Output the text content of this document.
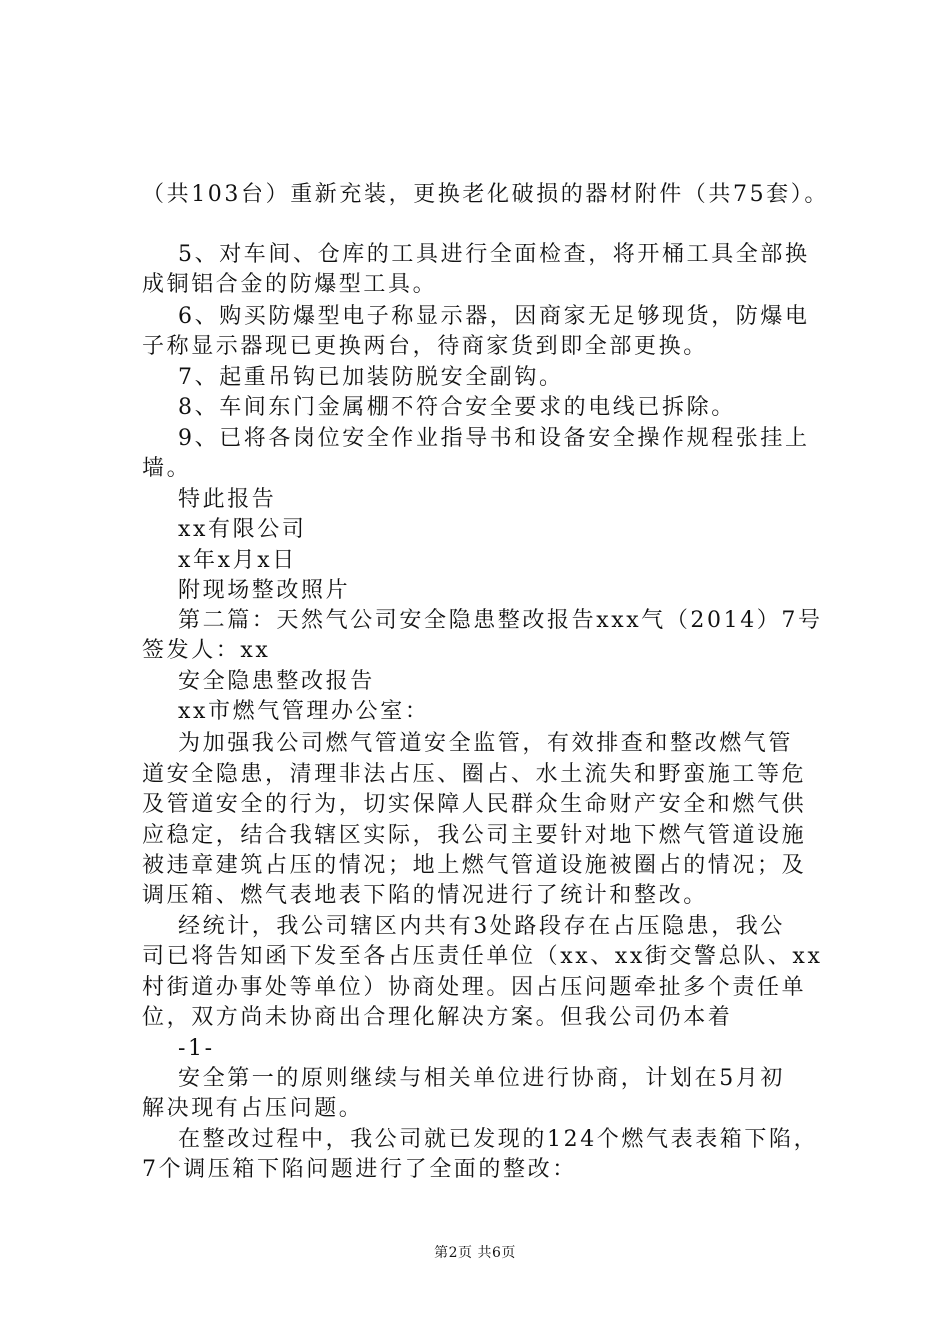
（共103台）重新充装，更换老化破损的器材附件（共75套）。
5、对车间、仓库的工具进行全面检查，将开桶工具全部换
成铜铝合金的防爆型工具。
6、购买防爆型电子称显示器，因商家无足够现货，防爆电
子称显示器现已更换两台，待商家货到即全部更换。
7、起重吊钩已加装防脱安全副钩。
8、车间东门金属棚不符合安全要求的电线已拆除。
9、已将各岗位安全作业指导书和设备安全操作规程张挂上
墙。
特此报告
xx有限公司
x年x月x日
附现场整改照片
第二篇：天然气公司安全隐患整改报告xxx气（2014）7号
签发人：xx
安全隐患整改报告
xx市燃气管理办公室：
为加强我公司燃气管道安全监管，有效排查和整改燃气管
道安全隐患，清理非法占压、圈占、水土流失和野蛮施工等危
及管道安全的行为，切实保障人民群众生命财产安全和燃气供
应稳定，结合我辖区实际，我公司主要针对地下燃气管道设施
被违章建筑占压的情况；地上燃气管道设施被圈占的情况；及
调压箱、燃气表地表下陷的情况进行了统计和整改。
经统计，我公司辖区内共有3处路段存在占压隐患，我公
司已将告知函下发至各占压责任单位（xx、xx街交警总队、xx
村街道办事处等单位）协商处理。因占压问题牵扯多个责任单
位，双方尚未协商出合理化解决方案。但我公司仍本着
-1-
安全第一的原则继续与相关单位进行协商，计划在5月初
解决现有占压问题。
在整改过程中，我公司就已发现的124个燃气表表箱下陷，
7个调压箱下陷问题进行了全面的整改：
第2页 共6页
